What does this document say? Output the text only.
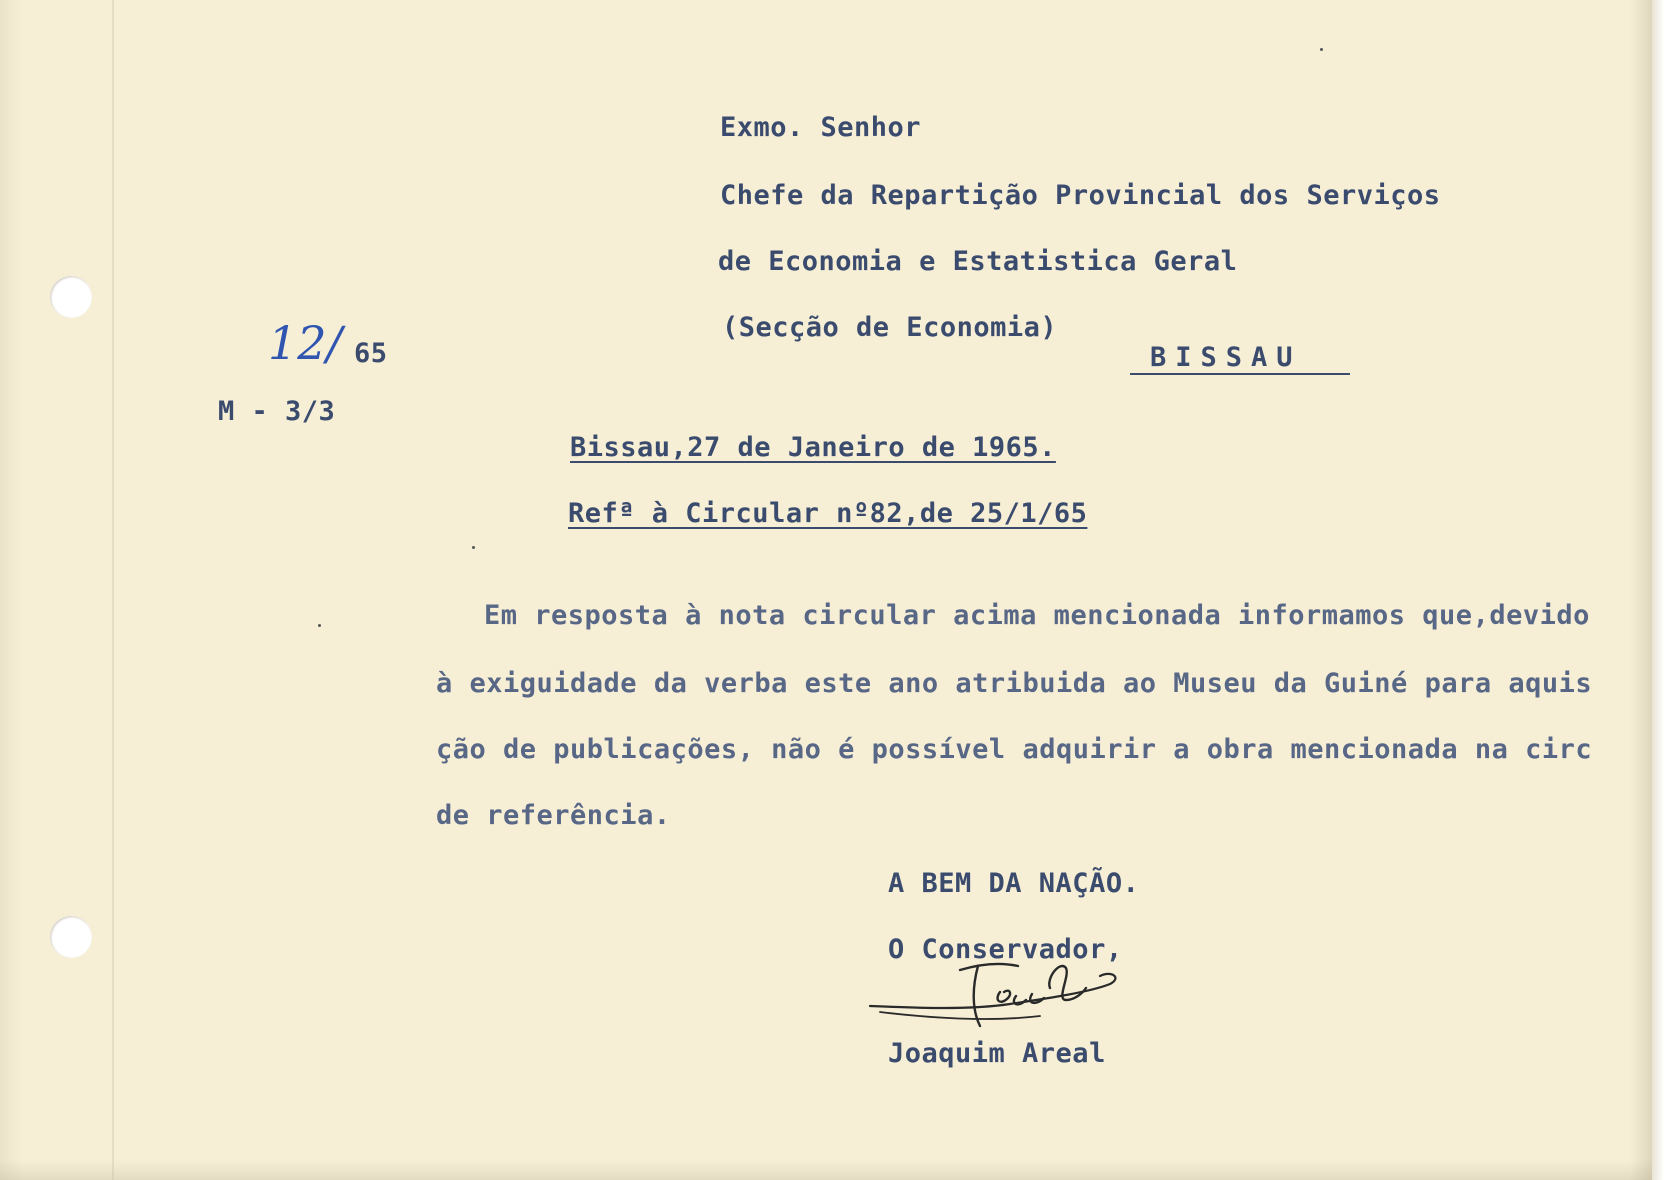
Exmo. Senhor

Chefe da Repartição Provincial dos Serviços

de Economia e Estatistica Geral

(Secção de Economia)

BISSAU

12/ 65

M - 3/3

Bissau,27 de Janeiro de 1965.

Refª à Circular nº82,de 25/1/65

Em resposta à nota circular acima mencionada informamos que,devido

à exiguidade da verba este ano atribuida ao Museu da Guiné para aquis

ção de publicações, não é possível adquirir a obra mencionada na circ

de referência.

A BEM DA NAÇÃO.

O Conservador,

Joaquim Areal
